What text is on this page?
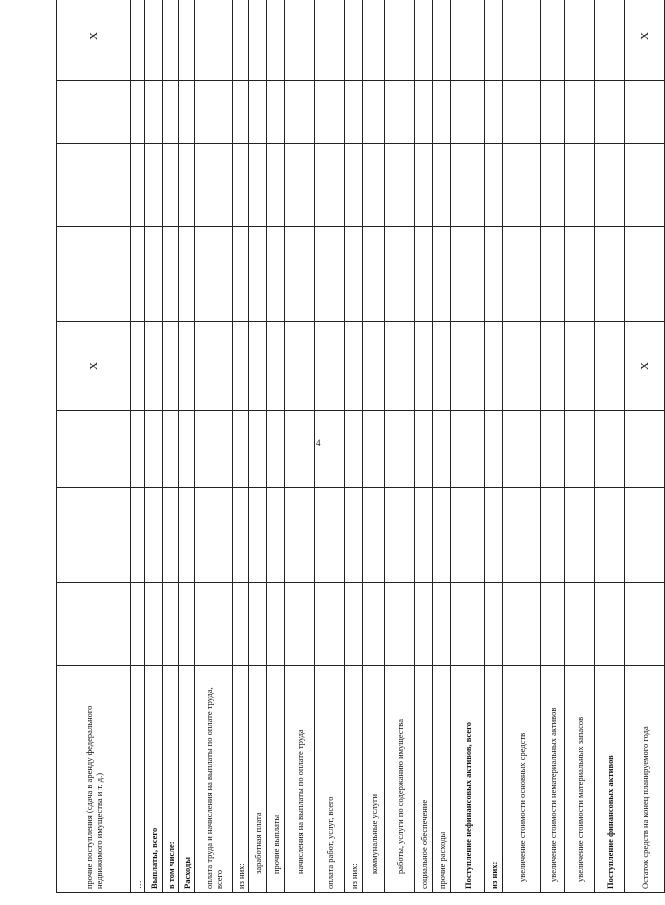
4
прочие поступления (сдача в аренду федерального недвижимого имущества и т. д.)				X				X		
…										
Выплаты, всего										
в том числе:										
Расходы										
оплата труда и начисления на выплаты по оплате труда, всего										
из них:										
заработная плата										
прочие выплаты										
начисления на выплаты по оплате труда										
оплата работ, услуг, всего										
из них:										
коммунальные услуги										
работы, услуги по содержанию имущества										
социальное обеспечение										
прочие расходы										
Поступление нефинансовых активов, всего										
из них:										
увеличение стоимости основных средств										
увеличение стоимости нематериальных активов										
увеличение стоимости материальных запасов										
Поступление финансовых активов										
Остаток средств на конец планируемого года				X				X		
